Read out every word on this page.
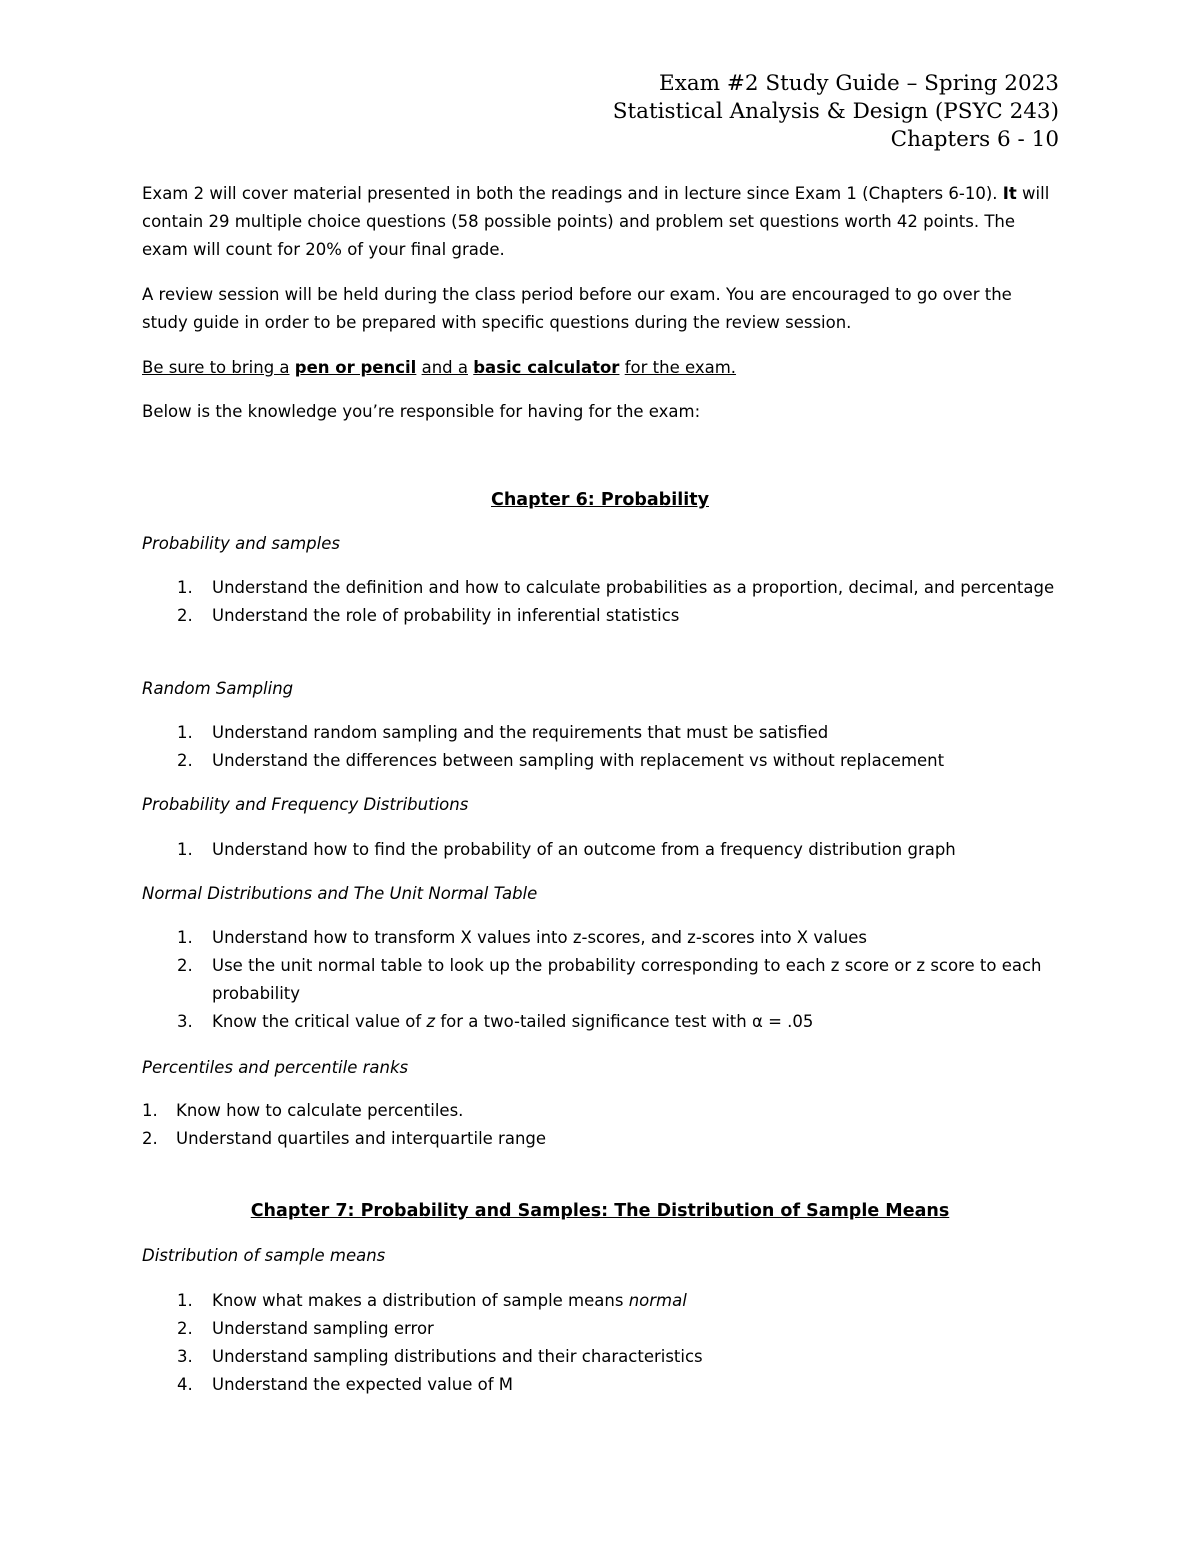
Exam #2 Study Guide – Spring 2023
Statistical Analysis & Design (PSYC 243)
Chapters 6 - 10
Exam 2 will cover material presented in both the readings and in lecture since Exam 1 (Chapters 6-10). It will contain 29 multiple choice questions (58 possible points) and problem set questions worth 42 points. The exam will count for 20% of your final grade.
A review session will be held during the class period before our exam. You are encouraged to go over the study guide in order to be prepared with specific questions during the review session.
Be sure to bring a pen or pencil and a basic calculator for the exam.
Below is the knowledge you’re responsible for having for the exam:
Chapter 6: Probability
Probability and samples
1. Understand the definition and how to calculate probabilities as a proportion, decimal, and percentage
2. Understand the role of probability in inferential statistics
Random Sampling
1. Understand random sampling and the requirements that must be satisfied
2. Understand the differences between sampling with replacement vs without replacement
Probability and Frequency Distributions
1. Understand how to find the probability of an outcome from a frequency distribution graph
Normal Distributions and The Unit Normal Table
1. Understand how to transform X values into z-scores, and z-scores into X values
2. Use the unit normal table to look up the probability corresponding to each z score or z score to each probability
3. Know the critical value of z for a two-tailed significance test with α = .05
Percentiles and percentile ranks
1. Know how to calculate percentiles.
2. Understand quartiles and interquartile range
Chapter 7: Probability and Samples: The Distribution of Sample Means
Distribution of sample means
1. Know what makes a distribution of sample means normal
2. Understand sampling error
3. Understand sampling distributions and their characteristics
4. Understand the expected value of M
